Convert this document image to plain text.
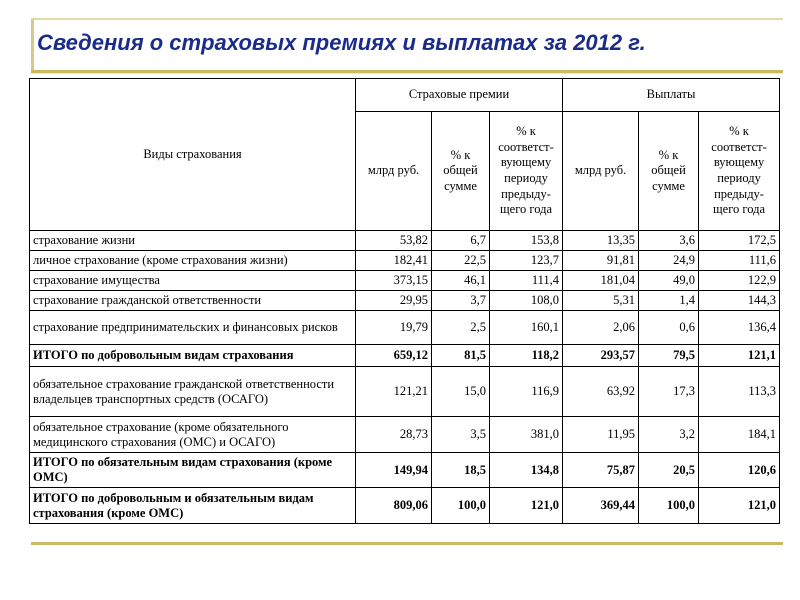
Сведения о страховых премиях и выплатах за 2012 г.
Виды страхования	Страховые премии			Выплаты		
	млрд руб.	% к общей сумме	% к соответст-вующему периоду предыду-щего года	млрд руб.	% к общей сумме	% к соответст-вующему периоду предыду-щего года
страхование жизни	53,82	6,7	153,8	13,35	3,6	172,5
личное страхование (кроме страхования жизни)	182,41	22,5	123,7	91,81	24,9	111,6
страхование имущества	373,15	46,1	111,4	181,04	49,0	122,9
страхование гражданской ответственности	29,95	3,7	108,0	5,31	1,4	144,3
страхование предпринимательских и финансовых рисков	19,79	2,5	160,1	2,06	0,6	136,4
ИТОГО по добровольным видам страхования	659,12	81,5	118,2	293,57	79,5	121,1
обязательное страхование гражданской ответственности владельцев транспортных средств (ОСАГО)	121,21	15,0	116,9	63,92	17,3	113,3
обязательное страхование (кроме обязательного медицинского страхования (ОМС) и ОСАГО)	28,73	3,5	381,0	11,95	3,2	184,1
ИТОГО по обязательным видам страхования (кроме ОМС)	149,94	18,5	134,8	75,87	20,5	120,6
ИТОГО по добровольным и обязательным видам страхования (кроме ОМС)	809,06	100,0	121,0	369,44	100,0	121,0
